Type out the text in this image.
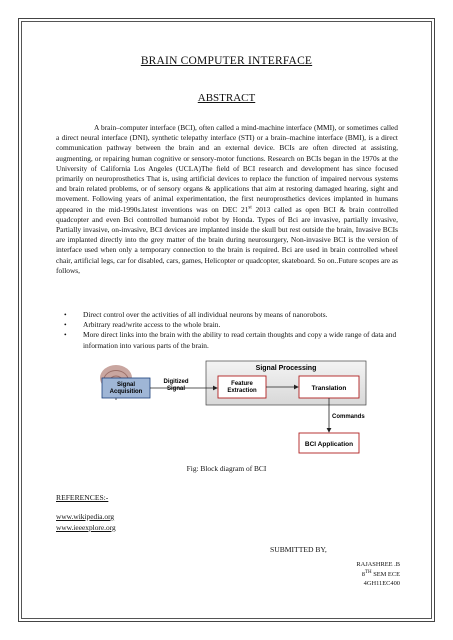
BRAIN COMPUTER INTERFACE
ABSTRACT

A brain–computer interface (BCI), often called a mind-machine interface (MMI), or sometimes called a direct neural interface (DNI), synthetic telepathy interface (STI) or a brain–machine interface (BMI), is a direct communication pathway between the brain and an external device. BCIs are often directed at assisting, augmenting, or repairing human cognitive or sensory-motor functions. Research on BCIs began in the 1970s at the University of California Los Angeles (UCLA)The field of BCI research and development has since focused primarily on neuroprosthetics That is, using artificial devices to replace the function of impaired nervous systems and brain related problems, or of sensory organs & applications that aim at restoring damaged hearing, sight and movement. Following years of animal experimentation, the first neuroprosthetics devices implanted in humans appeared in the mid-1990s.latest inventions was on DEC 21st 2013 called as open BCI & brain controlled quadcopter and even Bci controlled humanoid robot by Honda. Types of Bci are invasive, partially invasive, Partially invasive, on-invasive, BCI devices are implanted inside the skull but rest outside the brain, Invasive BCIs are implanted directly into the grey matter of the brain during neurosurgery, Non-invasive BCI is the version of interface used when only a temporary connection to the brain is required. Bci are used in brain controlled wheel chair, artificial legs, car for disabled, cars, games, Helicopter or quadcopter, skateboard. So on..Future scopes are as follows,

• Direct control over the activities of all individual neurons by means of nanorobots.
• Arbitrary read/write access to the whole brain.
• More direct links into the brain with the ability to read certain thoughts and copy a wide range of data and information into various parts of the brain.
Signal Processing
Signal Acquisition
Digitized Signal
Feature Extraction	Translation
Commands
BCI Application
Fig: Block diagram of BCI
REFERENCES:-
www.wikipedia.org
www.ieeexplore.org
SUBMITTED BY,
RAJASHREE .B
8TH SEM ECE
4GH11EC400
